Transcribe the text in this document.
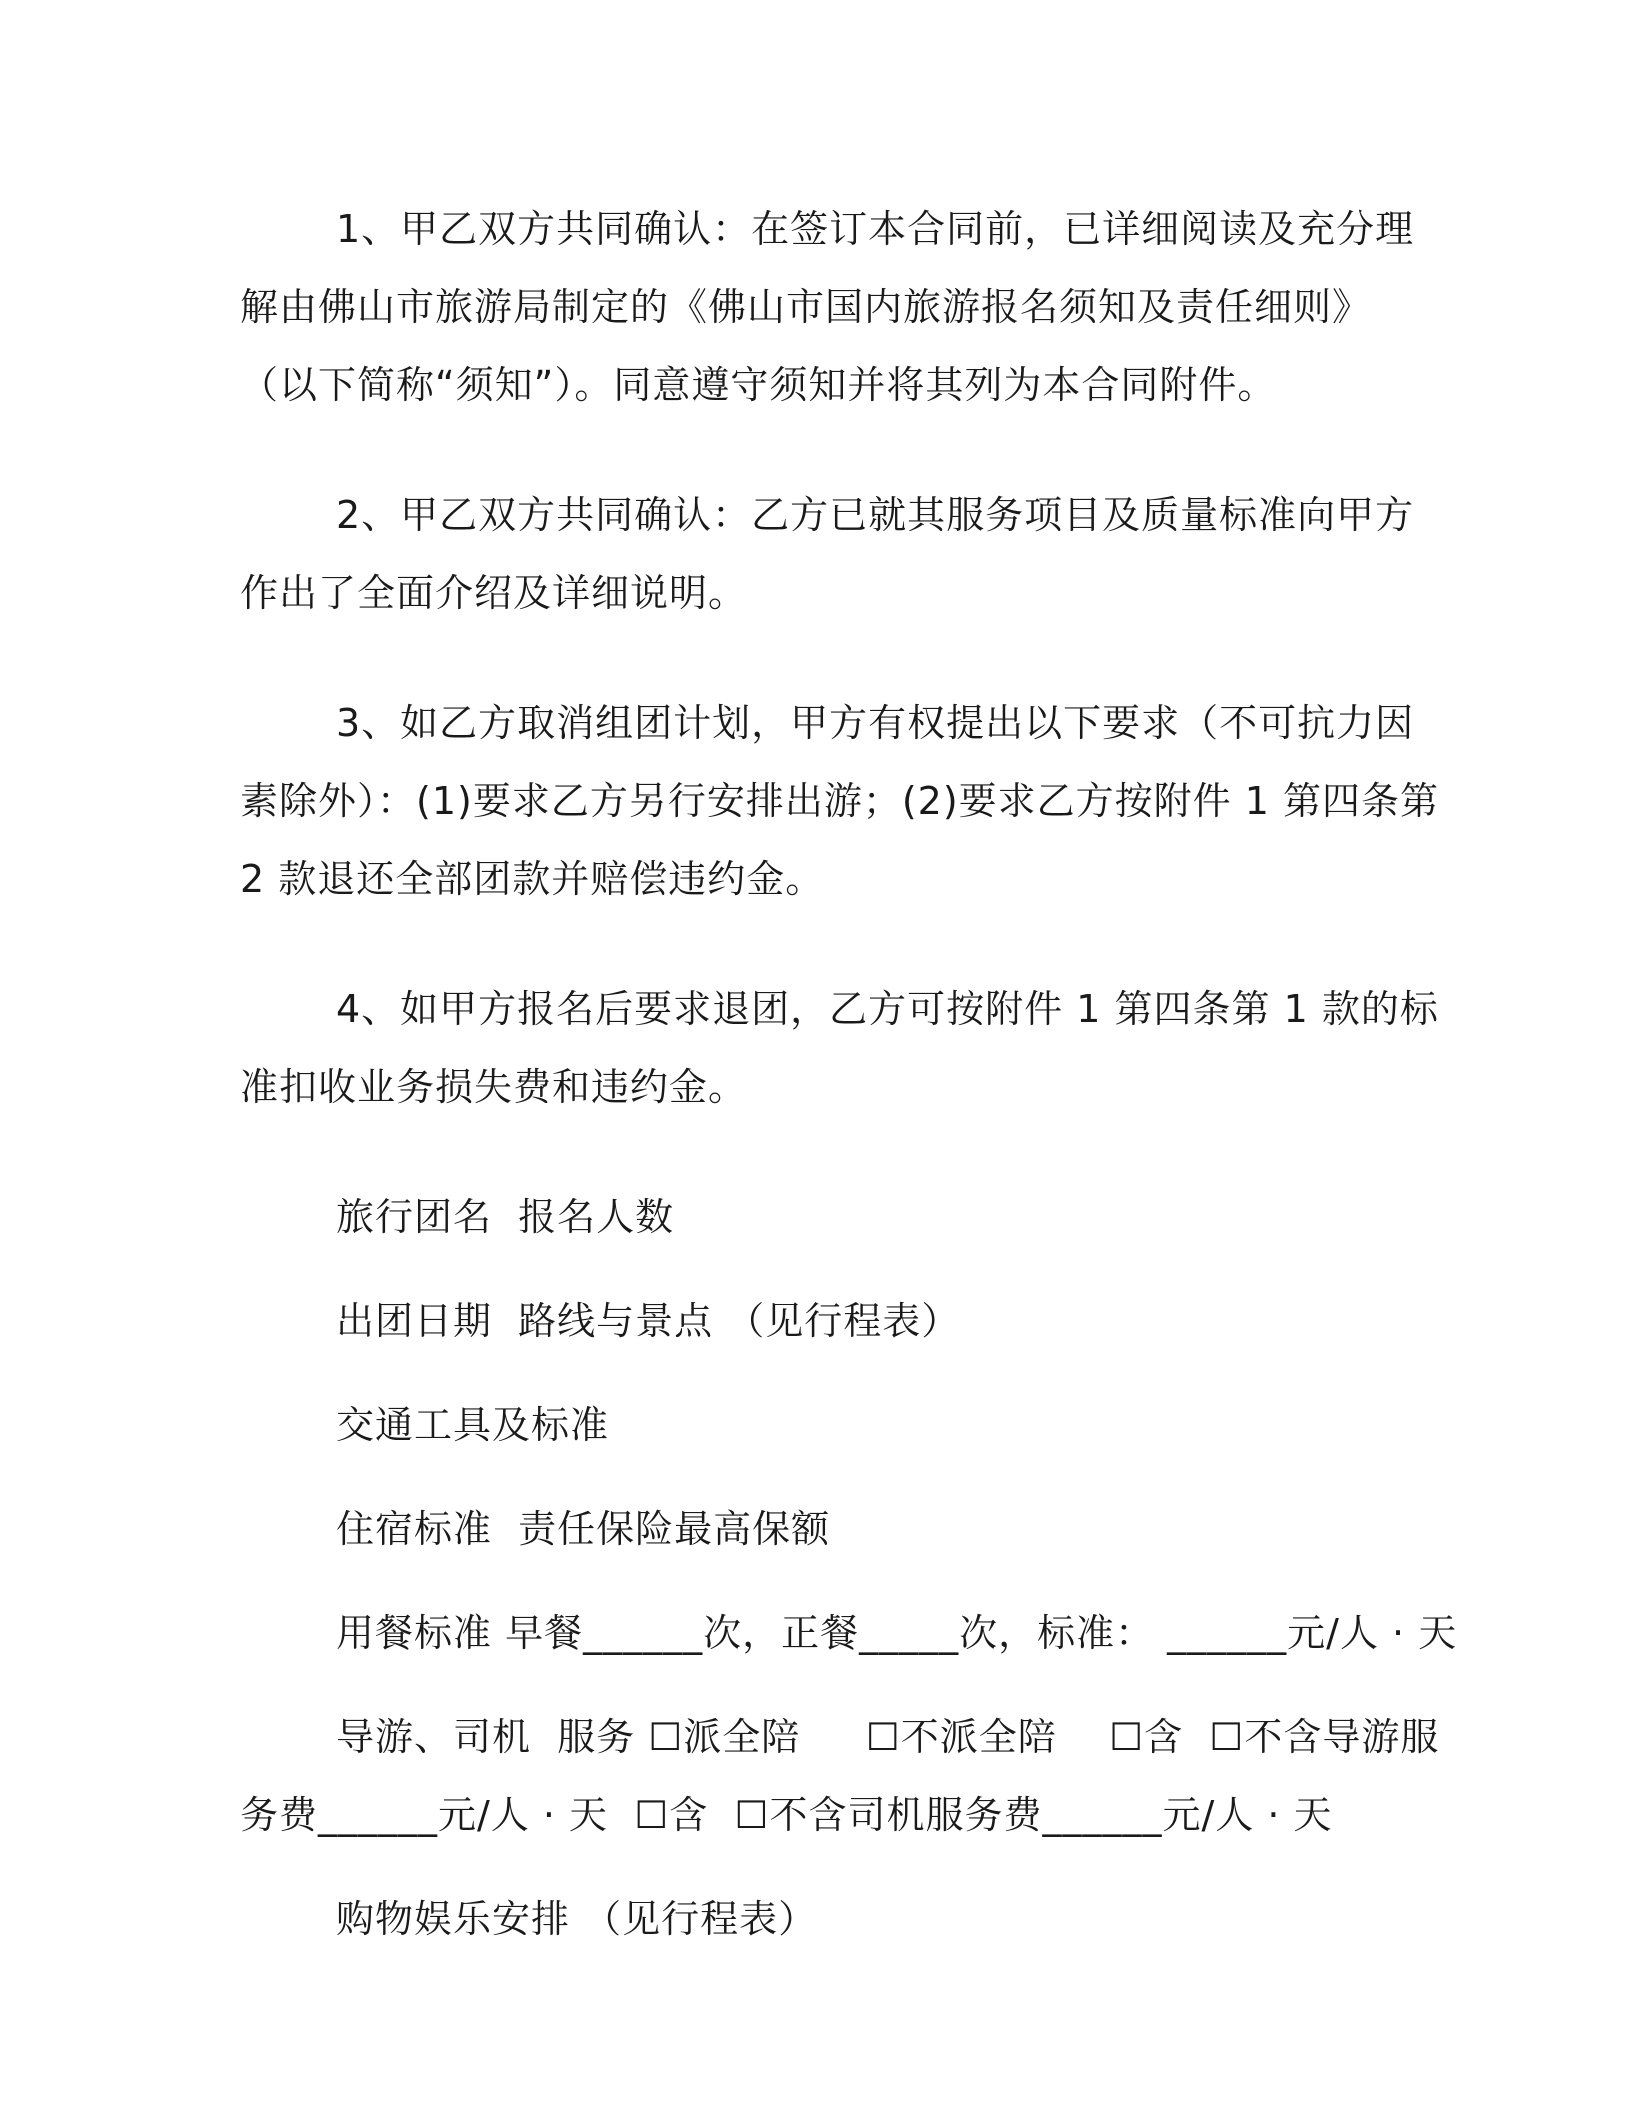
1、甲乙双方共同确认：在签订本合同前，已详细阅读及充分理
解由佛山市旅游局制定的《佛山市国内旅游报名须知及责任细则》
（以下简称“须知”）。同意遵守须知并将其列为本合同附件。

2、甲乙双方共同确认：乙方已就其服务项目及质量标准向甲方
作出了全面介绍及详细说明。

3、如乙方取消组团计划，甲方有权提出以下要求（不可抗力因
素除外）：(1)要求乙方另行安排出游；(2)要求乙方按附件 1 第四条第
2 款退还全部团款并赔偿违约金。

4、如甲方报名后要求退团，乙方可按附件 1 第四条第 1 款的标
准扣收业务损失费和违约金。

旅行团名  报名人数
出团日期  路线与景点 （见行程表）
交通工具及标准
住宿标准  责任保险最高保额
用餐标准 早餐______次，正餐_____次，标准： ______元/人 · 天
导游、司机  服务 ☐派全陪     ☐不派全陪    ☐含  ☐不含导游服
务费______元/人 · 天  ☐含  ☐不含司机服务费______元/人 · 天
购物娱乐安排 （见行程表）
